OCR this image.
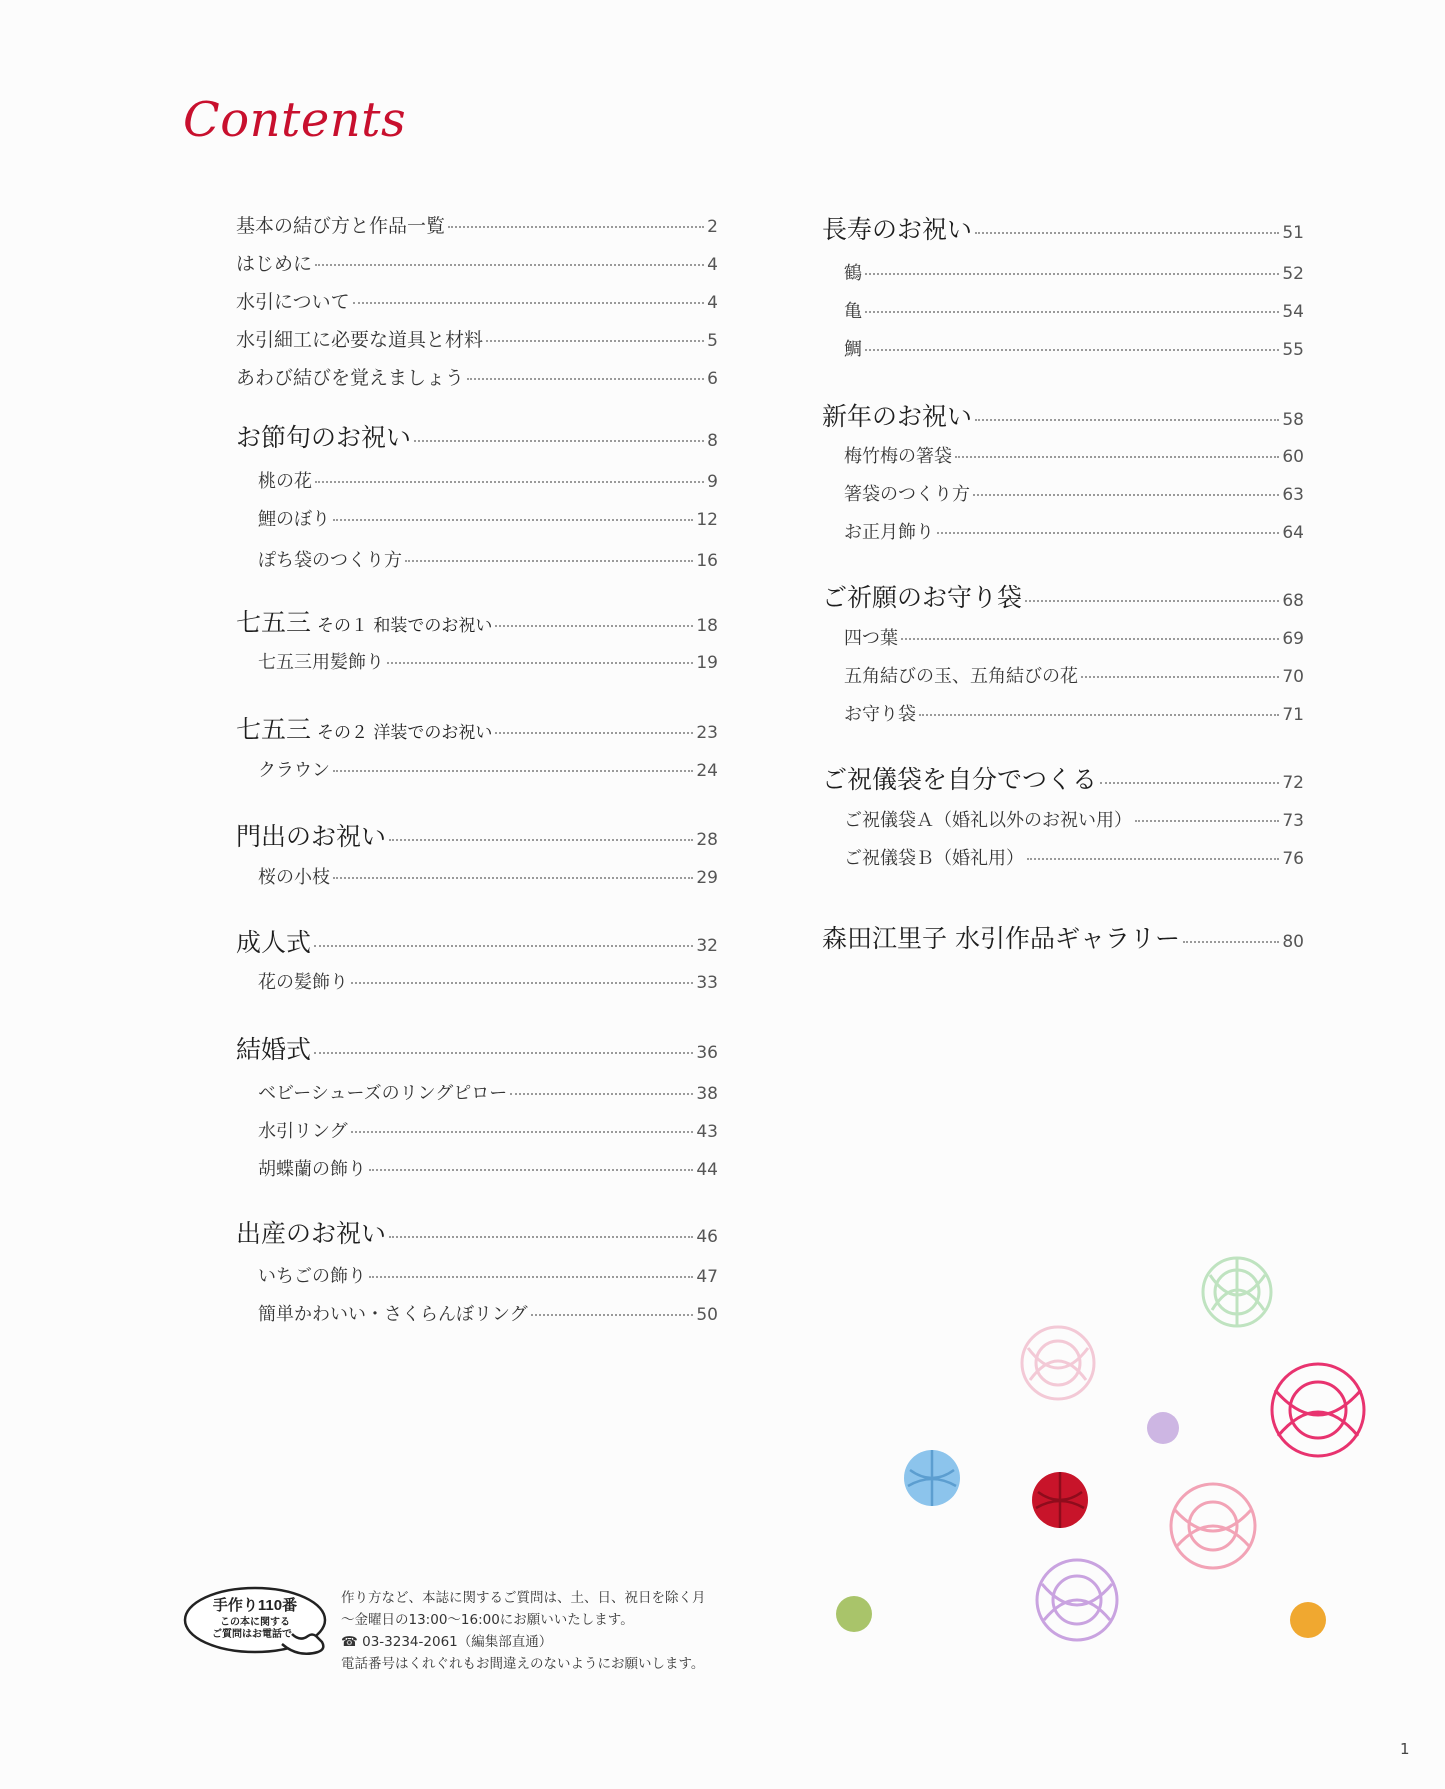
Contents
基本の結び方と作品一覧	2
はじめに	4
水引について	4
水引細工に必要な道具と材料	5
あわび結びを覚えましょう	6
お節句のお祝い	8
桃の花	9
鯉のぼり	12
ぽち袋のつくり方	16
七五三 その１ 和装でのお祝い	18
七五三用髪飾り	19
七五三 その２ 洋装でのお祝い	23
クラウン	24
門出のお祝い	28
桜の小枝	29
成人式	32
花の髪飾り	33
結婚式	36
ベビーシューズのリングピロー	38
水引リング	43
胡蝶蘭の飾り	44
出産のお祝い	46
いちごの飾り	47
簡単かわいい・さくらんぼリング	50
長寿のお祝い	51
鶴	52
亀	54
鯛	55
新年のお祝い	58
梅竹梅の箸袋	60
箸袋のつくり方	63
お正月飾り	64
ご祈願のお守り袋	68
四つ葉	69
五角結びの玉、五角結びの花	70
お守り袋	71
ご祝儀袋を自分でつくる	72
ご祝儀袋Ａ（婚礼以外のお祝い用）	73
ご祝儀袋Ｂ（婚礼用）	76
森田江里子 水引作品ギャラリー	80
手作り110番
この本に関する
ご質問はお電話で
作り方など、本誌に関するご質問は、土、日、祝日を除く月
〜金曜日の13:00〜16:00にお願いいたします。
☎ 03-3234-2061（編集部直通）
電話番号はくれぐれもお間違えのないようにお願いします。
1
